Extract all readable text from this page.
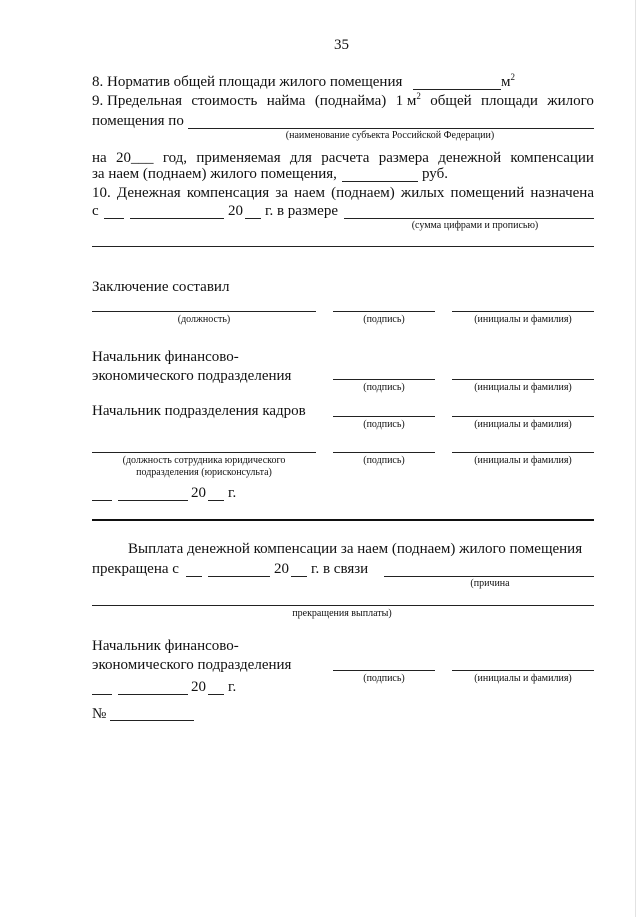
35
8. Норматив общей площади жилого помещения	$м^2$
9. Предельная стоимость найма (поднайма) 1 $м^2$ общей площади жилого
помещения по
(наименование субъекта Российской Федерации)
на 20___ год, применяемая для расчета размера денежной компенсации
за наем (поднаем) жилого помещения,	руб.
10. Денежная компенсация за наем (поднаем) жилых помещений назначена
с	20 г. в размере
(сумма цифрами и прописью)
Заключение составил
(должность)	(подпись)	(инициалы и фамилия)
Начальник финансово-
экономического подразделения
(подпись)	(инициалы и фамилия)
Начальник подразделения кадров
(подпись)	(инициалы и фамилия)
(должность сотрудника юридического подразделения (юрисконсульта)
(подпись)	(инициалы и фамилия)
20 г.
Выплата денежной компенсации за наем (поднаем) жилого помещения
прекращена с	20 г. в связи
(причина
прекращения выплаты)
Начальник финансово-
экономического подразделения
(подпись)	(инициалы и фамилия)
20 г.
№
